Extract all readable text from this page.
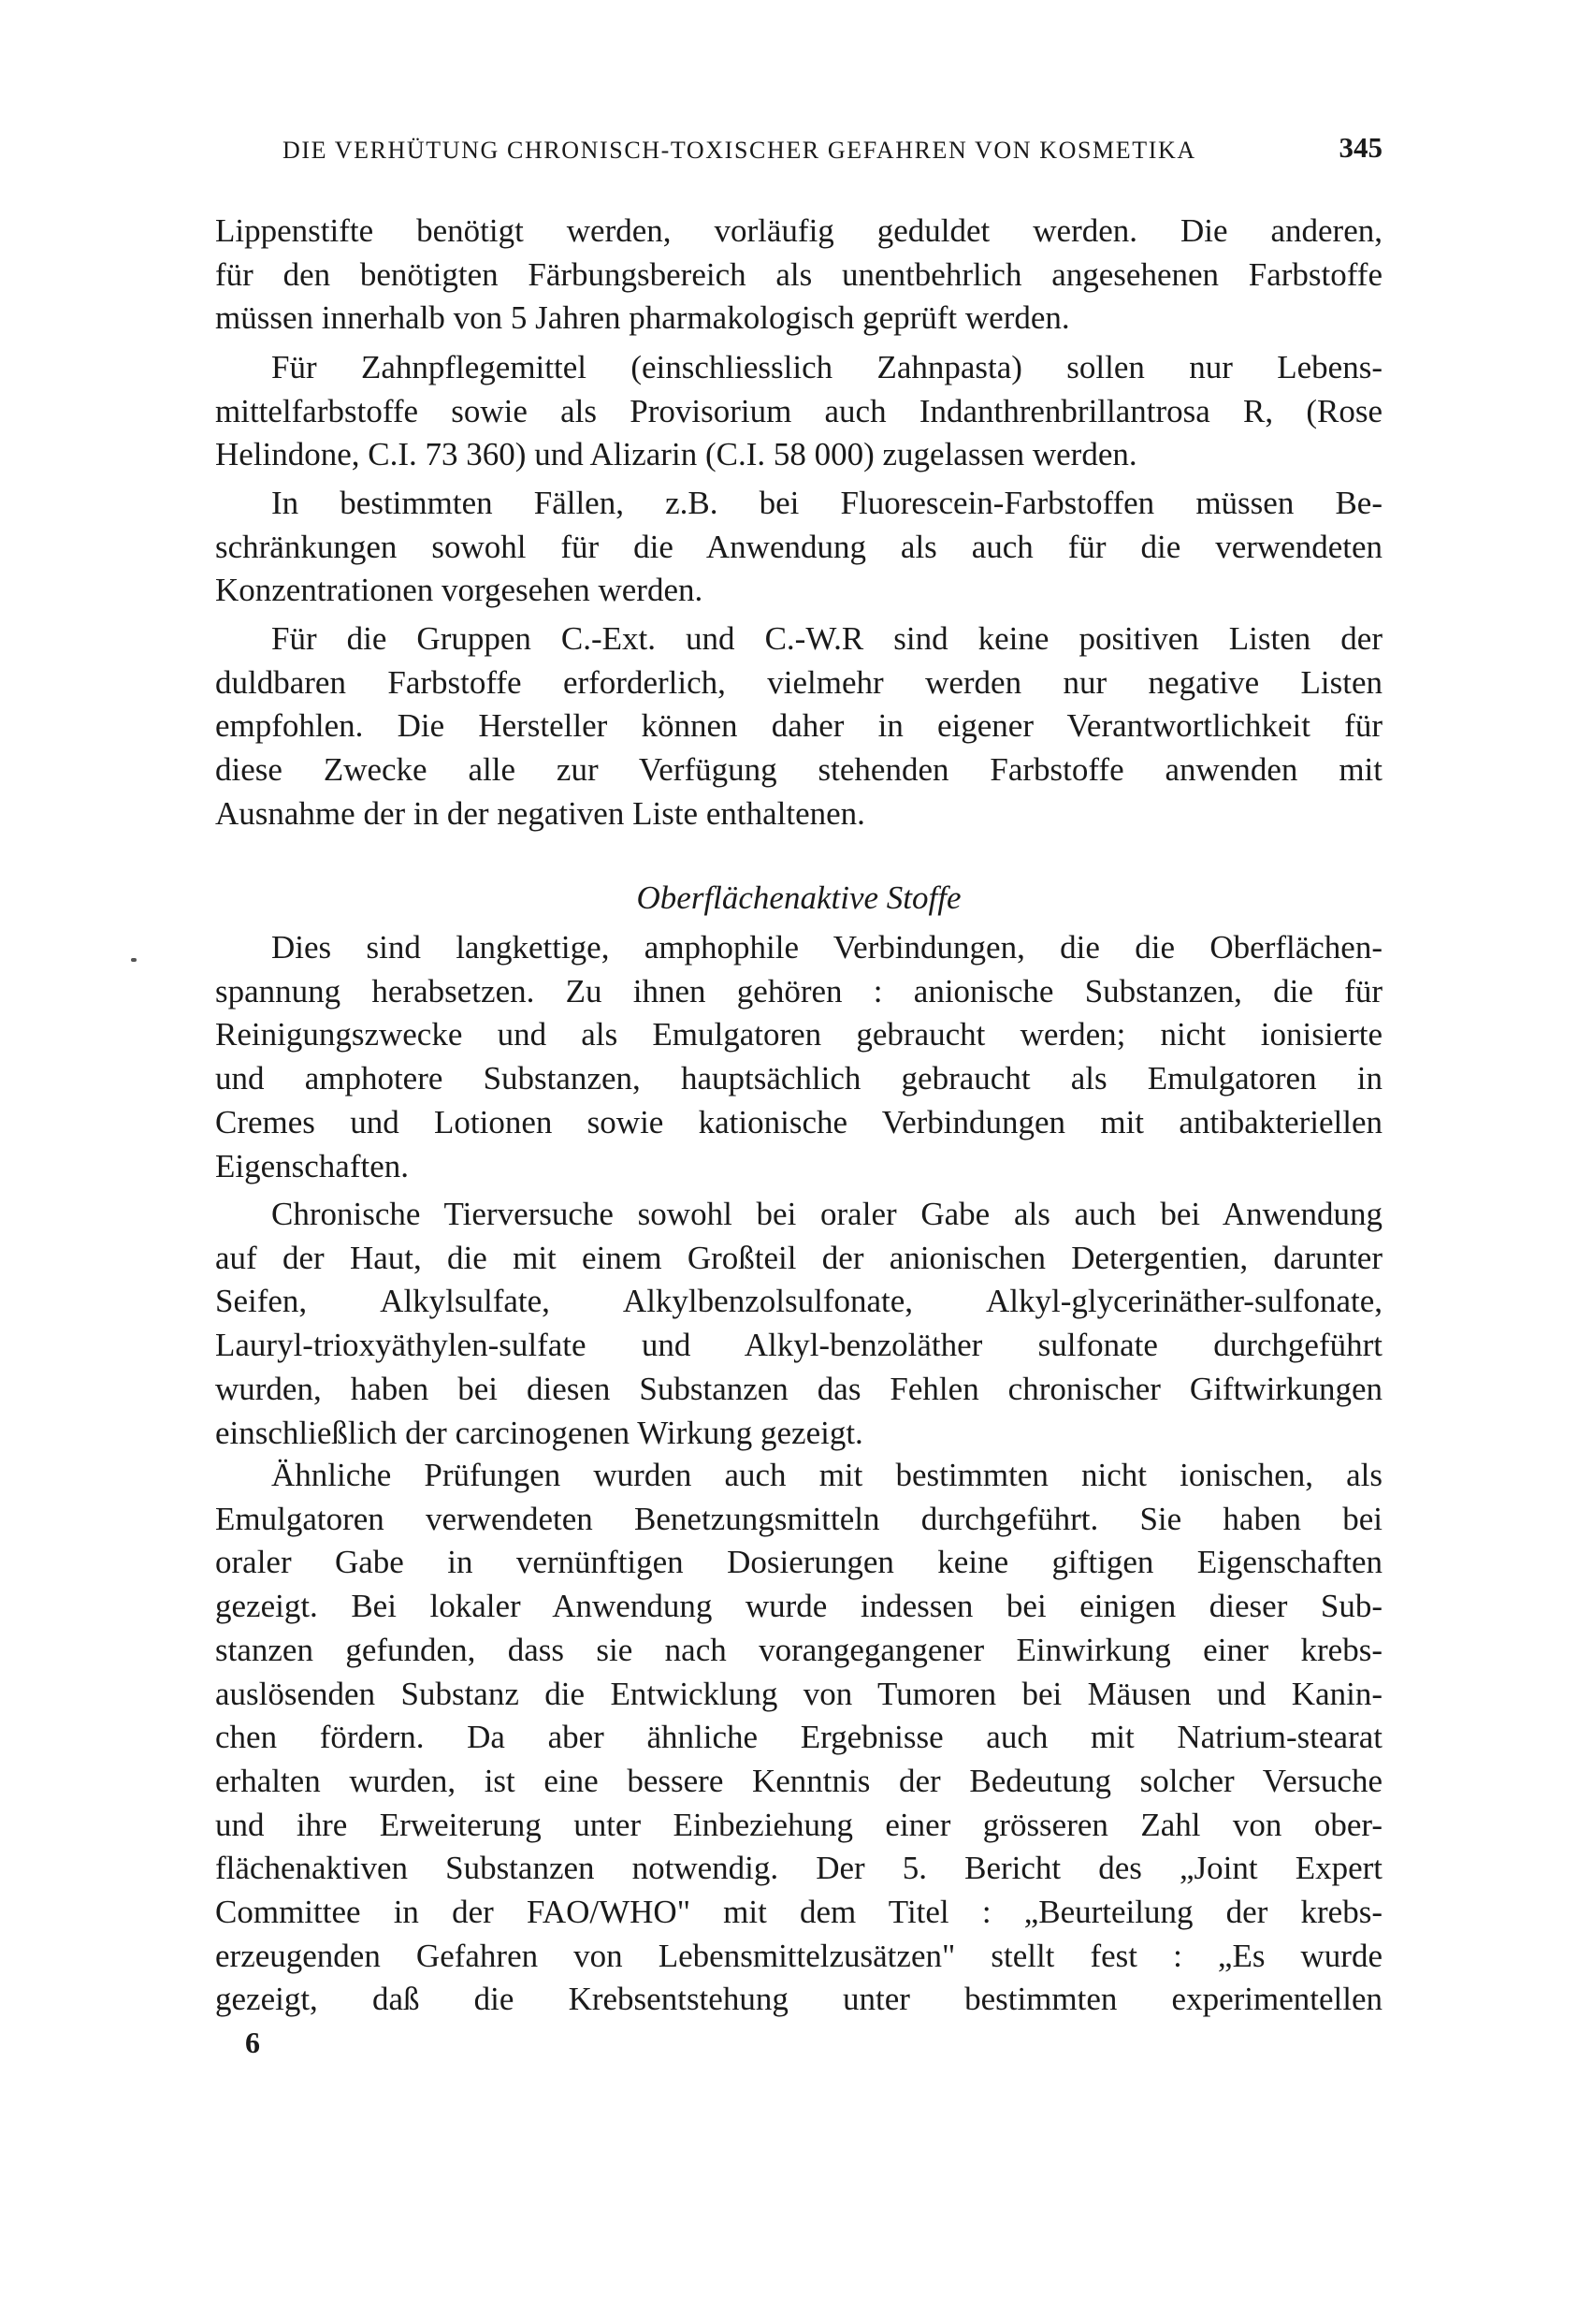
DIE VERHÜTUNG CHRONISCH-TOXISCHER GEFAHREN VON KOSMETIKA	345
Lippenstifte benötigt werden, vorläufig geduldet werden. Die anderen,
für den benötigten Färbungsbereich als unentbehrlich angesehenen Farbstoffe
müssen innerhalb von 5 Jahren pharmakologisch geprüft werden.
Für Zahnpflegemittel (einschliesslich Zahnpasta) sollen nur Lebens-
mittelfarbstoffe sowie als Provisorium auch Indanthrenbrillantrosa R, (Rose
Helindone, C.I. 73 360) und Alizarin (C.I. 58 000) zugelassen werden.
In bestimmten Fällen, z.B. bei Fluorescein-Farbstoffen müssen Be-
schränkungen sowohl für die Anwendung als auch für die verwendeten
Konzentrationen vorgesehen werden.
Für die Gruppen C.-Ext. und C.-W.R sind keine positiven Listen der
duldbaren Farbstoffe erforderlich, vielmehr werden nur negative Listen
empfohlen. Die Hersteller können daher in eigener Verantwortlichkeit für
diese Zwecke alle zur Verfügung stehenden Farbstoffe anwenden mit
Ausnahme der in der negativen Liste enthaltenen.
Oberflächenaktive Stoffe
Dies sind langkettige, amphophile Verbindungen, die die Oberflächen-
spannung herabsetzen. Zu ihnen gehören : anionische Substanzen, die für
Reinigungszwecke und als Emulgatoren gebraucht werden; nicht ionisierte
und amphotere Substanzen, hauptsächlich gebraucht als Emulgatoren in
Cremes und Lotionen sowie kationische Verbindungen mit antibakteriellen
Eigenschaften.
Chronische Tierversuche sowohl bei oraler Gabe als auch bei Anwendung
auf der Haut, die mit einem Großteil der anionischen Detergentien, darunter
Seifen, Alkylsulfate, Alkylbenzolsulfonate, Alkyl-glycerinäther-sulfonate,
Lauryl-trioxyäthylen-sulfate und Alkyl-benzoläther sulfonate durchgeführt
wurden, haben bei diesen Substanzen das Fehlen chronischer Giftwirkungen
einschließlich der carcinogenen Wirkung gezeigt.
Ähnliche Prüfungen wurden auch mit bestimmten nicht ionischen, als
Emulgatoren verwendeten Benetzungsmitteln durchgeführt. Sie haben bei
oraler Gabe in vernünftigen Dosierungen keine giftigen Eigenschaften
gezeigt. Bei lokaler Anwendung wurde indessen bei einigen dieser Sub-
stanzen gefunden, dass sie nach vorangegangener Einwirkung einer krebs-
auslösenden Substanz die Entwicklung von Tumoren bei Mäusen und Kanin-
chen fördern. Da aber ähnliche Ergebnisse auch mit Natrium-stearat
erhalten wurden, ist eine bessere Kenntnis der Bedeutung solcher Versuche
und ihre Erweiterung unter Einbeziehung einer grösseren Zahl von ober-
flächenaktiven Substanzen notwendig. Der 5. Bericht des „Joint Expert
Committee in der FAO/WHO" mit dem Titel : „Beurteilung der krebs-
erzeugenden Gefahren von Lebensmittelzusätzen" stellt fest : „Es wurde
gezeigt, daß die Krebsentstehung unter bestimmten experimentellen
6
